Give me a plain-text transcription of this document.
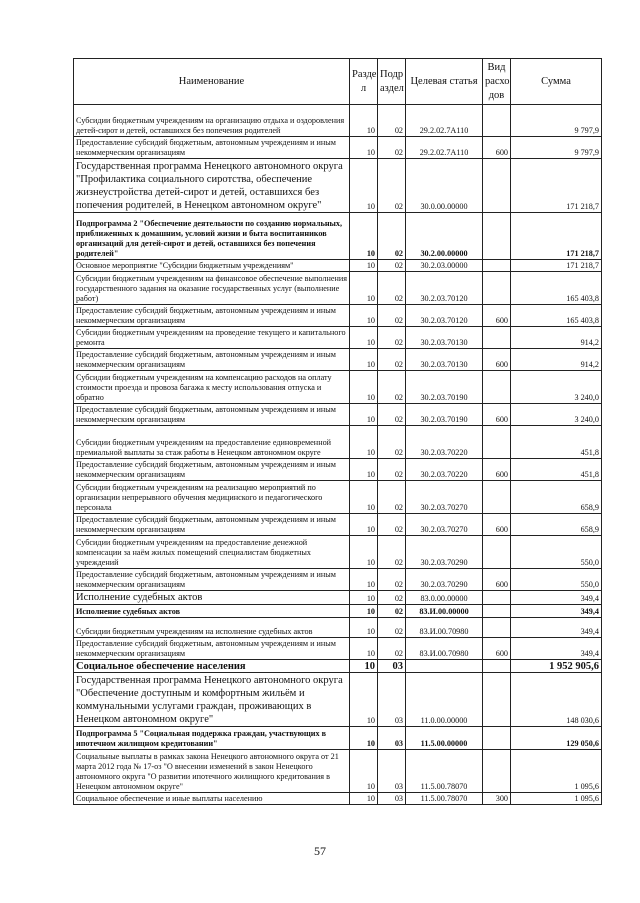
Наименование	Разде л	Подр аздел	Целевая статья	Вид расхо дов	Сумма
Субсидии бюджетным учреждениям на организацию отдыха и оздоровления детей-сирот и детей, оставшихся без попечения родителей	10	02	29.2.02.7А110		9 797,9
Предоставление субсидий бюджетным, автономным учреждениям и иным некоммерческим организациям	10	02	29.2.02.7А110	600	9 797,9
Государственная программа Ненецкого автономного округа "Профилактика социального сиротства, обеспечение жизнеустройства детей-сирот и детей, оставшихся без попечения родителей, в Ненецком автономном округе"	10	02	30.0.00.00000		171 218,7
Подпрограмма 2 "Обеспечение деятельности по созданию нормальных, приближенных к домашним, условий жизни и быта воспитанников организаций для детей-сирот и детей, оставшихся без попечения родителей"	10	02	30.2.00.00000		171 218,7
Основное мероприятие "Субсидии бюджетным учреждениям"	10	02	30.2.03.00000		171 218,7
Субсидии бюджетным учреждениям на финансовое обеспечение выполнения государственного задания на оказание государственных услуг (выполнение работ)	10	02	30.2.03.70120		165 403,8
Предоставление субсидий бюджетным, автономным учреждениям и иным некоммерческим организациям	10	02	30.2.03.70120	600	165 403,8
Субсидии бюджетным учреждениям на проведение текущего и капитального ремонта	10	02	30.2.03.70130		914,2
Предоставление субсидий бюджетным, автономным учреждениям и иным некоммерческим организациям	10	02	30.2.03.70130	600	914,2
Субсидии бюджетным учреждениям на компенсацию расходов на оплату стоимости проезда и провоза багажа к месту использования отпуска и обратно	10	02	30.2.03.70190		3 240,0
Предоставление субсидий бюджетным, автономным учреждениям и иным некоммерческим организациям	10	02	30.2.03.70190	600	3 240,0
Субсидии бюджетным учреждениям на предоставление единовременной премиальной выплаты за стаж работы в Ненецком автономном округе	10	02	30.2.03.70220		451,8
Предоставление субсидий бюджетным, автономным учреждениям и иным некоммерческим организациям	10	02	30.2.03.70220	600	451,8
Субсидии бюджетным учреждениям на реализацию мероприятий по организации непрерывного обучения медицинского и педагогического персонала	10	02	30.2.03.70270		658,9
Предоставление субсидий бюджетным, автономным учреждениям и иным некоммерческим организациям	10	02	30.2.03.70270	600	658,9
Субсидии бюджетным учреждениям на предоставление денежной компенсации за наём жилых помещений специалистам бюджетных учреждений	10	02	30.2.03.70290		550,0
Предоставление субсидий бюджетным, автономным учреждениям и иным некоммерческим организациям	10	02	30.2.03.70290	600	550,0
Исполнение судебных актов	10	02	83.0.00.00000		349,4
Исполнение судебных актов	10	02	83.И.00.00000		349,4
Субсидии бюджетным учреждениям на исполнение судебных актов	10	02	83.И.00.70980		349,4
Предоставление субсидий бюджетным, автономным учреждениям и иным некоммерческим организациям	10	02	83.И.00.70980	600	349,4
Социальное обеспечение населения	10	03			1 952 905,6
Государственная программа Ненецкого автономного округа "Обеспечение доступным и комфортным жильём и коммунальными услугами граждан, проживающих в Ненецком автономном округе"	10	03	11.0.00.00000		148 030,6
Подпрограмма 5 "Социальная поддержка граждан, участвующих в ипотечном жилищном кредитовании"	10	03	11.5.00.00000		129 050,6
Социальные выплаты в рамках закона Ненецкого автономного округа от 21 марта 2012 года № 17-оз "О внесении изменений в закон Ненецкого автономного округа "О развитии ипотечного жилищного кредитования в Ненецком автономном округе"	10	03	11.5.00.78070		1 095,6
Социальное обеспечение и иные выплаты населению	10	03	11.5.00.78070	300	1 095,6
57
